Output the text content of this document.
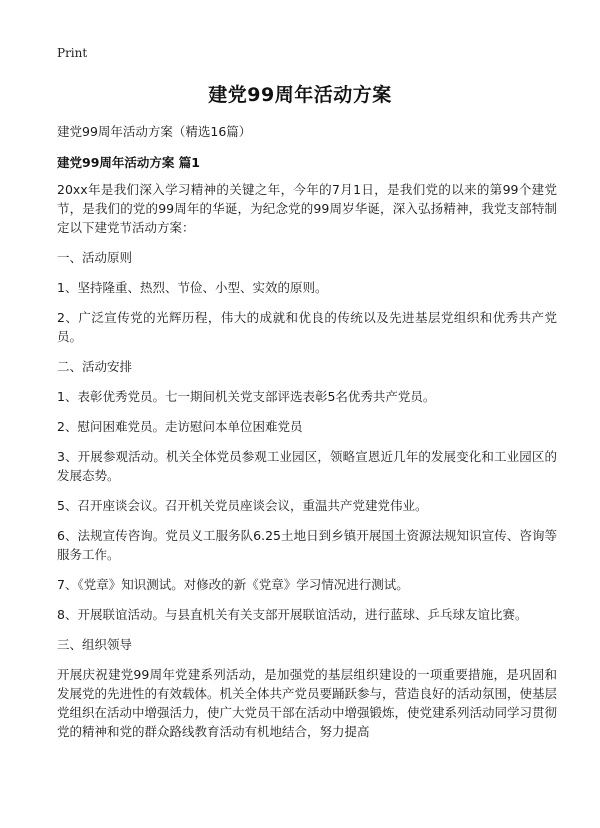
Print
建党99周年活动方案
建党99周年活动方案（精选16篇）
建党99周年活动方案 篇1

20xx年是我们深入学习精神的关键之年，今年的7月1日，是我们党的以来的第99个建党节，是我们的党的99周年的华诞，为纪念党的99周岁华诞，深入弘扬精神，我党支部特制定以下建党节活动方案：

一、活动原则

1、坚持隆重、热烈、节俭、小型、实效的原则。

2、广泛宣传党的光辉历程，伟大的成就和优良的传统以及先进基层党组织和优秀共产党员。

二、活动安排

1、表彰优秀党员。七一期间机关党支部评选表彰5名优秀共产党员。

2、慰问困难党员。走访慰问本单位困难党员

3、开展参观活动。机关全体党员参观工业园区，领略宣恩近几年的发展变化和工业园区的发展态势。

5、召开座谈会议。召开机关党员座谈会议，重温共产党建党伟业。

6、法规宣传咨询。党员义工服务队6.25土地日到乡镇开展国土资源法规知识宣传、咨询等服务工作。

7、《党章》知识测试。对修改的新《党章》学习情况进行测试。

8、开展联谊活动。与县直机关有关支部开展联谊活动，进行蓝球、乒乓球友谊比赛。

三、组织领导

开展庆祝建党99周年党建系列活动，是加强党的基层组织建设的一项重要措施，是巩固和发展党的先进性的有效载体。机关全体共产党员要踊跃参与，营造良好的活动氛围，使基层党组织在活动中增强活力，使广大党员干部在活动中增强锻炼，使党建系列活动同学习贯彻党的精神和党的群众路线教育活动有机地结合，努力提高
